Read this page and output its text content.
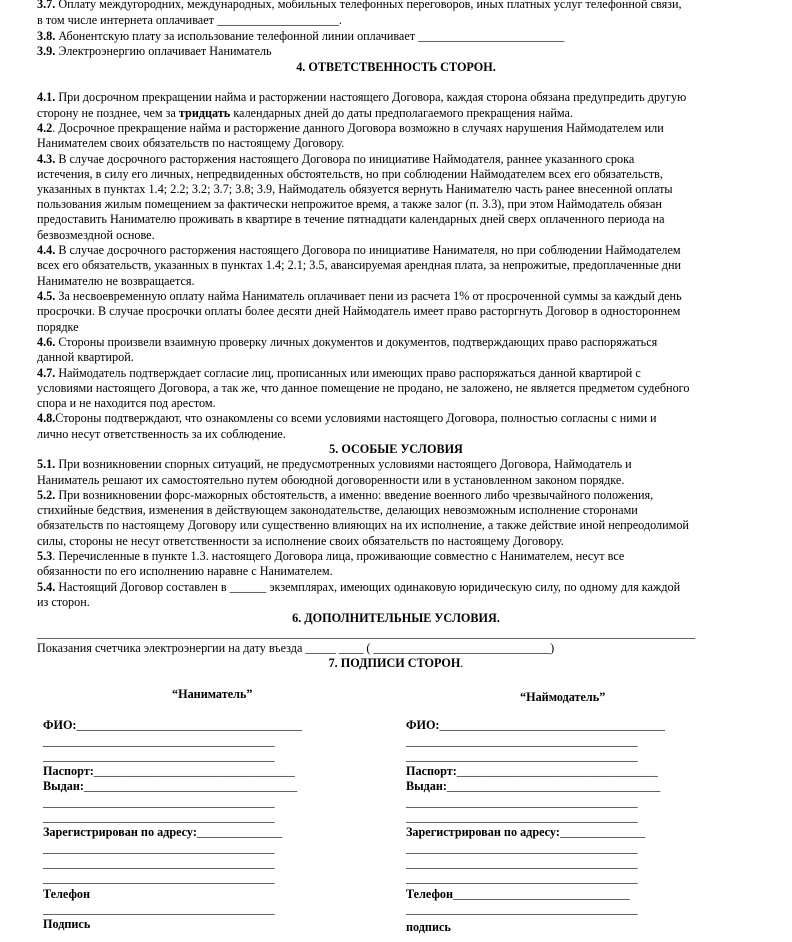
3.7. Оплату междугородних, международных, мобильных телефонных переговоров, иных платных услуг телефонной связи,
в том числе интернета оплачивает ____________________.
3.8. Абонентскую плату за использование телефонной линии оплачивает ________________________
3.9. Электроэнергию оплачивает Наниматель
4.1. При досрочном прекращении найма и расторжении настоящего Договора, каждая сторона обязана предупредить другую
сторону не позднее, чем за тридцать календарных дней до даты предполагаемого прекращения найма.
4.2. Досрочное прекращение найма и расторжение данного Договора возможно в случаях нарушения Наймодателем или
Нанимателем своих обязательств по настоящему Договору.
4.3. В случае досрочного расторжения настоящего Договора по инициативе Наймодателя, раннее указанного срока
истечения, в силу его личных, непредвиденных обстоятельств, но при соблюдении Наймодателем всех его обязательств,
указанных в пунктах 1.4; 2.2; 3.2; 3.7; 3.8; 3.9, Наймодатель обязуется вернуть Нанимателю часть ранее внесенной оплаты
пользования жилым помещением за фактически непрожитое время, а также залог (п. 3.3), при этом Наймодатель обязан
предоставить Нанимателю проживать в квартире в течение пятнадцати календарных дней сверх оплаченного периода на
безвозмездной основе.
4.4. В случае досрочного расторжения настоящего Договора по инициативе Нанимателя, но при соблюдении Наймодателем
всех его обязательств, указанных в пунктах 1.4; 2.1; 3.5, авансируемая арендная плата, за непрожитые, предоплаченные дни
Нанимателю не возвращается.
4.5. За несвоевременную оплату найма Наниматель оплачивает пени из расчета 1% от просроченной суммы за каждый день
просрочки. В случае просрочки оплаты более десяти дней Наймодатель имеет право расторгнуть Договор в одностороннем
порядке
4.6. Стороны произвели взаимную проверку личных документов и документов, подтверждающих право распоряжаться
данной квартирой.
4.7. Наймодатель подтверждает согласие лиц, прописанных или имеющих право распоряжаться данной квартирой с
условиями настоящего Договора, а так же, что данное помещение не продано, не заложено, не является предметом судебного
спора и не находится под арестом.
4.8.Стороны подтверждают, что ознакомлены со всеми условиями настоящего Договора, полностью согласны с ними и
лично несут ответственность за их соблюдение.
5.1. При возникновении спорных ситуаций, не предусмотренных условиями настоящего Договора, Наймодатель и
Наниматель решают их самостоятельно путем обоюдной договоренности или в установленном законом порядке.
5.2. При возникновении форс-мажорных обстоятельств, а именно: введение военного либо чрезвычайного положения,
стихийные бедствия, изменения в действующем законодательстве, делающих невозможным исполнение сторонами
обязательств по настоящему Договору или существенно влияющих на их исполнение, а также действие иной непреодолимой
силы, стороны не несут ответственности за исполнение своих обязательств по настоящему Договору.
5.3. Перечисленные в пункте 1.3. настоящего Договора лица, проживающие совместно с Нанимателем, несут все
обязанности по его исполнению наравне с Нанимателем.
5.4. Настоящий Договор составлен в ______ экземплярах, имеющих одинаковую юридическую силу, по одному для каждой
из сторон.
____________________________________________________________________________________________________________
Показания счетчика электроэнергии на дату въезда _____ ____ ( _____________________________)
4. ОТВЕТСТВЕННОСТЬ СТОРОН.
5. ОСОБЫЕ УСЛОВИЯ
6. ДОПОЛНИТЕЛЬНЫЕ УСЛОВИЯ.
7. ПОДПИСИ СТОРОН.
“Наниматель”	“Наймодатель”
ФИО:_____________________________________
______________________________________
______________________________________
Паспорт:_________________________________
Выдан:___________________________________
______________________________________
______________________________________
Зарегистрирован по адресу:______________
______________________________________
______________________________________
______________________________________
Телефон
______________________________________
Подпись
ФИО:_____________________________________
______________________________________
______________________________________
Паспорт:_________________________________
Выдан:___________________________________
______________________________________
______________________________________
Зарегистрирован по адресу:______________
______________________________________
______________________________________
______________________________________
Телефон_____________________________
______________________________________
подпись
